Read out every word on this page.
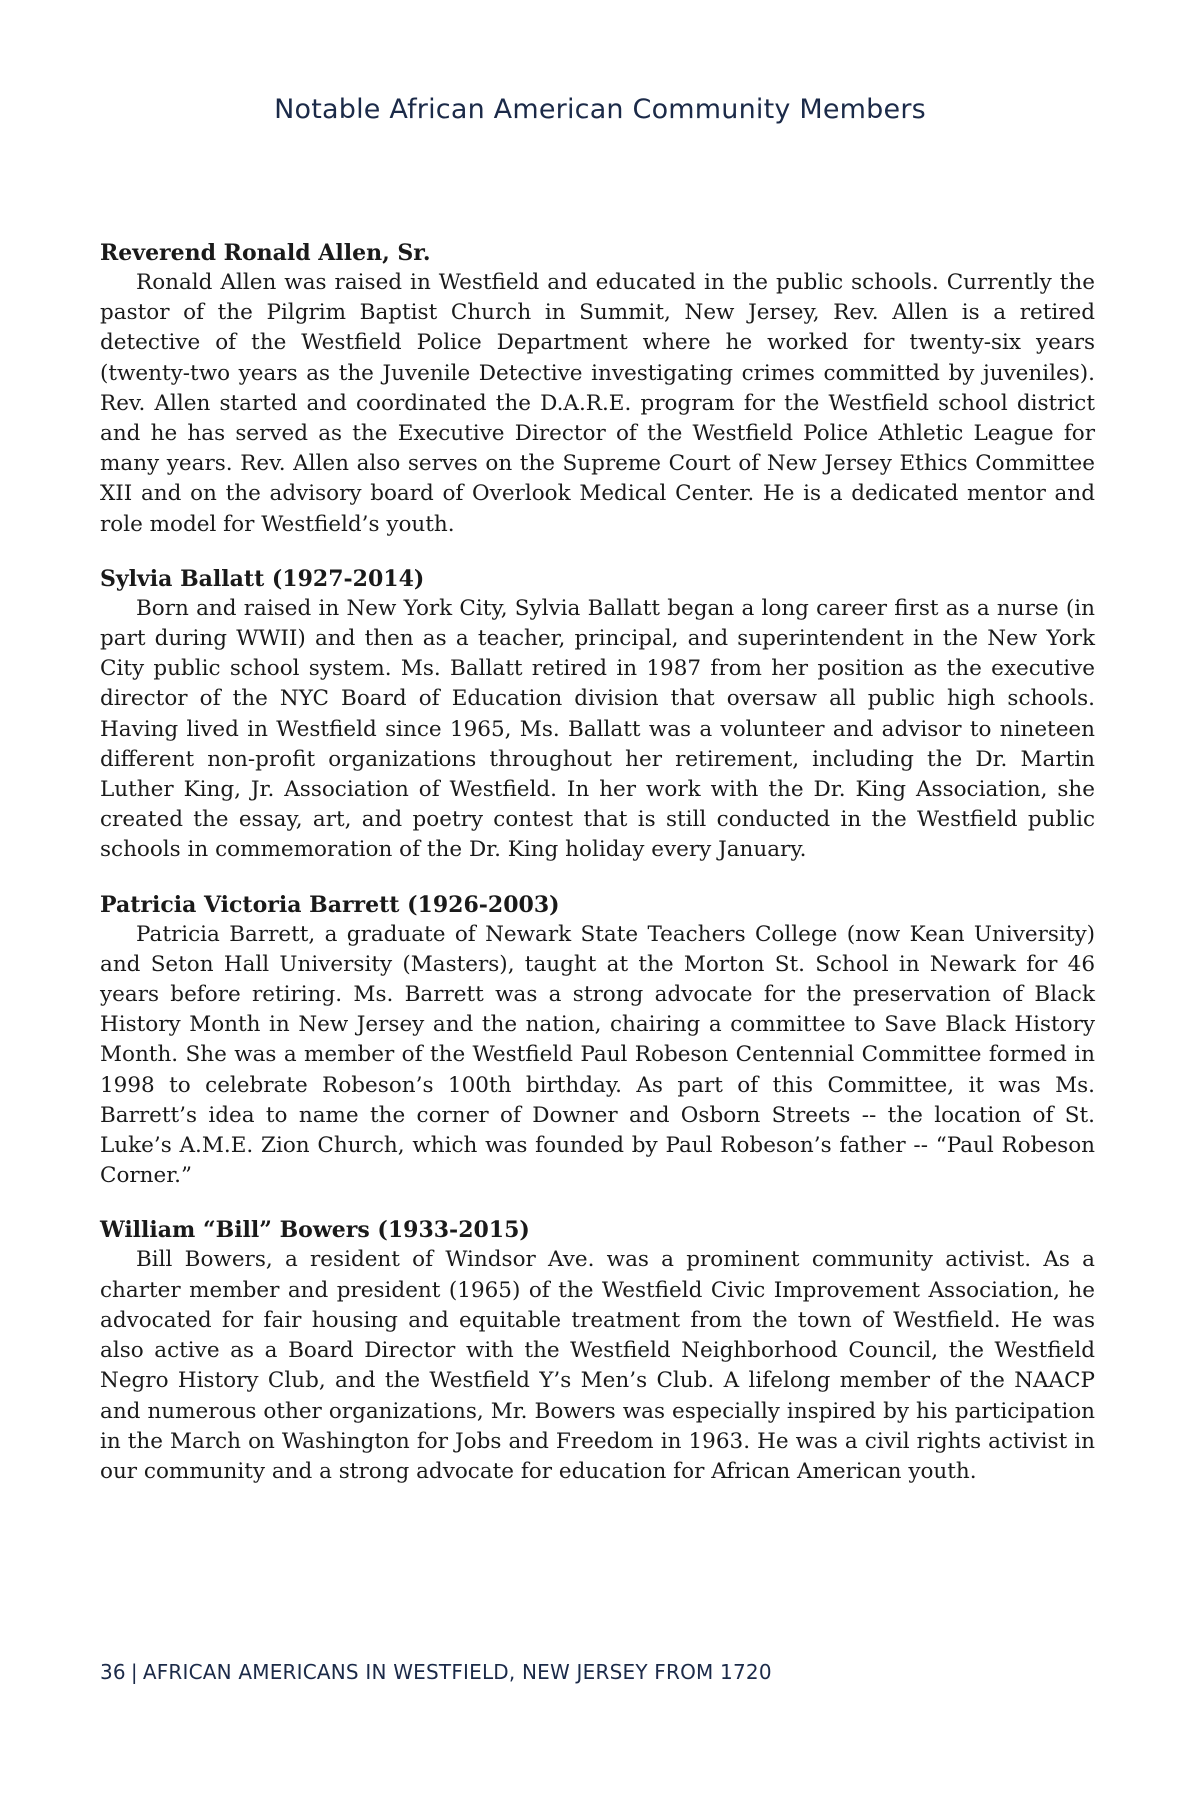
Notable African American Community Members

Reverend Ronald Allen, Sr.

Ronald Allen was raised in Westfield and educated in the public schools. Currently the pastor of the Pilgrim Baptist Church in Summit, New Jersey, Rev. Allen is a retired detective of the Westfield Police Department where he worked for twenty-six years (twenty-two years as the Juvenile Detective investigating crimes committed by juveniles). Rev. Allen started and coordinated the D.A.R.E. program for the Westfield school district and he has served as the Executive Director of the Westfield Police Athletic League for many years. Rev. Allen also serves on the Supreme Court of New Jersey Ethics Committee XII and on the advisory board of Overlook Medical Center. He is a dedicated mentor and role model for Westfield’s youth.

Sylvia Ballatt (1927-2014)

Born and raised in New York City, Sylvia Ballatt began a long career first as a nurse (in part during WWII) and then as a teacher, principal, and superintendent in the New York City public school system. Ms. Ballatt retired in 1987 from her position as the executive director of the NYC Board of Education division that oversaw all public high schools. Having lived in Westfield since 1965, Ms. Ballatt was a volunteer and advisor to nineteen different non-profit organizations throughout her retirement, including the Dr. Martin Luther King, Jr. Association of Westfield. In her work with the Dr. King Association, she created the essay, art, and poetry contest that is still conducted in the Westfield public schools in commemoration of the Dr. King holiday every January.

Patricia Victoria Barrett (1926-2003)

Patricia Barrett, a graduate of Newark State Teachers College (now Kean University) and Seton Hall University (Masters), taught at the Morton St. School in Newark for 46 years before retiring. Ms. Barrett was a strong advocate for the preservation of Black History Month in New Jersey and the nation, chairing a committee to Save Black History Month. She was a member of the Westfield Paul Robeson Centennial Committee formed in 1998 to celebrate Robeson’s 100th birthday. As part of this Committee, it was Ms. Barrett’s idea to name the corner of Downer and Osborn Streets -- the location of St. Luke’s A.M.E. Zion Church, which was founded by Paul Robeson’s father -- “Paul Robeson Corner.”

William “Bill” Bowers (1933-2015)

Bill Bowers, a resident of Windsor Ave. was a prominent community activist. As a charter member and president (1965) of the Westfield Civic Improvement Association, he advocated for fair housing and equitable treatment from the town of Westfield. He was also active as a Board Director with the Westfield Neighborhood Council, the Westfield Negro History Club, and the Westfield Y’s Men’s Club. A lifelong member of the NAACP and numerous other organizations, Mr. Bowers was especially inspired by his participation in the March on Washington for Jobs and Freedom in 1963. He was a civil rights activist in our community and a strong advocate for education for African American youth.

36 | AFRICAN AMERICANS IN WESTFIELD, NEW JERSEY FROM 1720
